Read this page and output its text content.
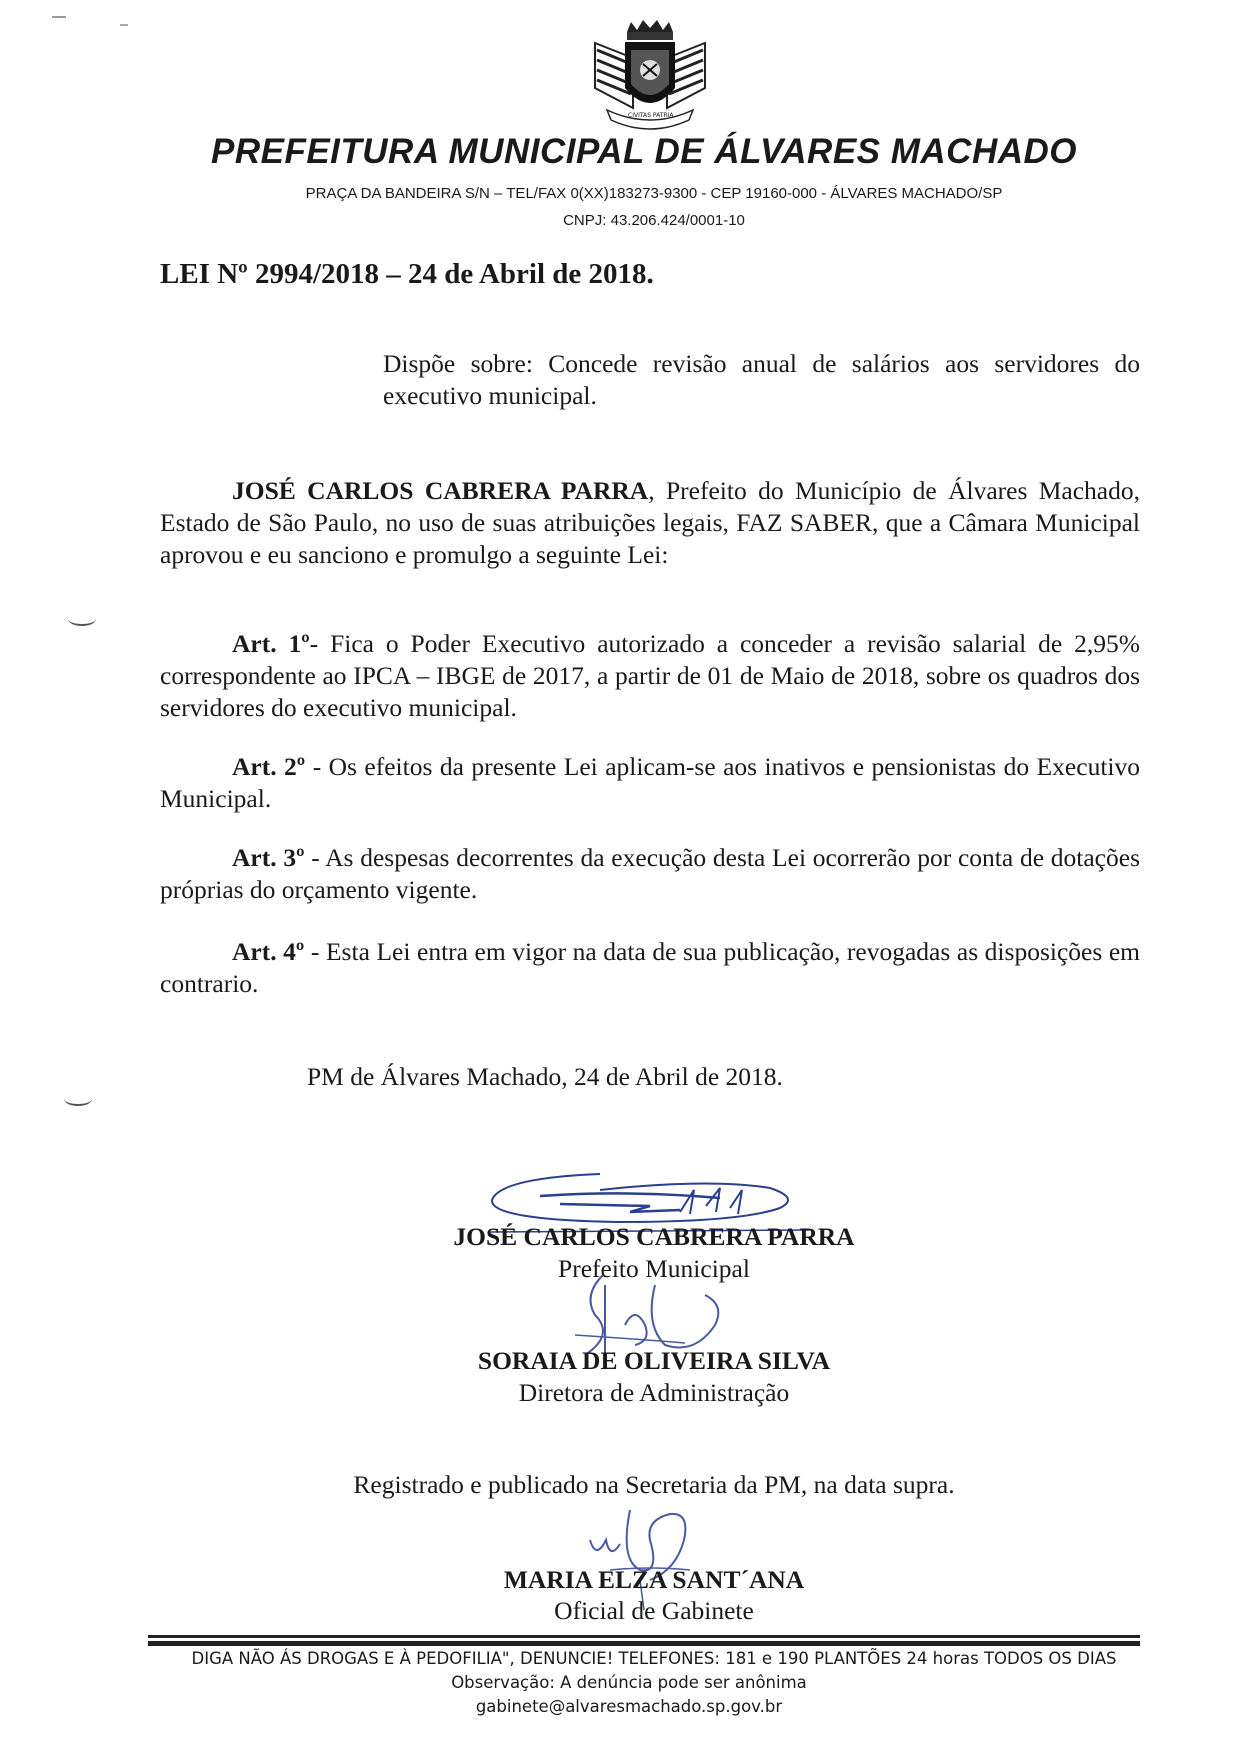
CIVITAS PATRIA
PREFEITURA MUNICIPAL DE ÁLVARES MACHADO
PRAÇA DA BANDEIRA S/N – TEL/FAX 0(XX)183273-9300 - CEP 19160-000 - ÁLVARES MACHADO/SP
CNPJ: 43.206.424/0001-10
LEI Nº 2994/2018 – 24 de Abril de 2018.
Dispõe sobre: Concede revisão anual de salários aos servidores do executivo municipal.
JOSÉ CARLOS CABRERA PARRA, Prefeito do Município de Álvares Machado, Estado de São Paulo, no uso de suas atribuições legais, FAZ SABER, que a Câmara Municipal aprovou e eu sanciono e promulgo a seguinte Lei:
Art. 1º- Fica o Poder Executivo autorizado a conceder a revisão salarial de 2,95% correspondente ao IPCA – IBGE de 2017, a partir de 01 de Maio de 2018, sobre os quadros dos servidores do executivo municipal.
Art. 2º - Os efeitos da presente Lei aplicam-se aos inativos e pensionistas do Executivo Municipal.
Art. 3º - As despesas decorrentes da execução desta Lei ocorrerão por conta de dotações próprias do orçamento vigente.
Art. 4º - Esta Lei entra em vigor na data de sua publicação, revogadas as disposições em contrario.
PM de Álvares Machado, 24 de Abril de 2018.
JOSÉ CARLOS CABRERA PARRA
Prefeito Municipal
SORAIA DE OLIVEIRA SILVA
Diretora de Administração
Registrado e publicado na Secretaria da PM, na data supra.
MARIA ELZA SANT´ANA
Oficial de Gabinete
DIGA NÃO ÁS DROGAS E À PEDOFILIA", DENUNCIE! TELEFONES: 181 e 190 PLANTÕES 24 horas TODOS OS DIAS
Observação: A denúncia pode ser anônima
gabinete@alvaresmachado.sp.gov.br
